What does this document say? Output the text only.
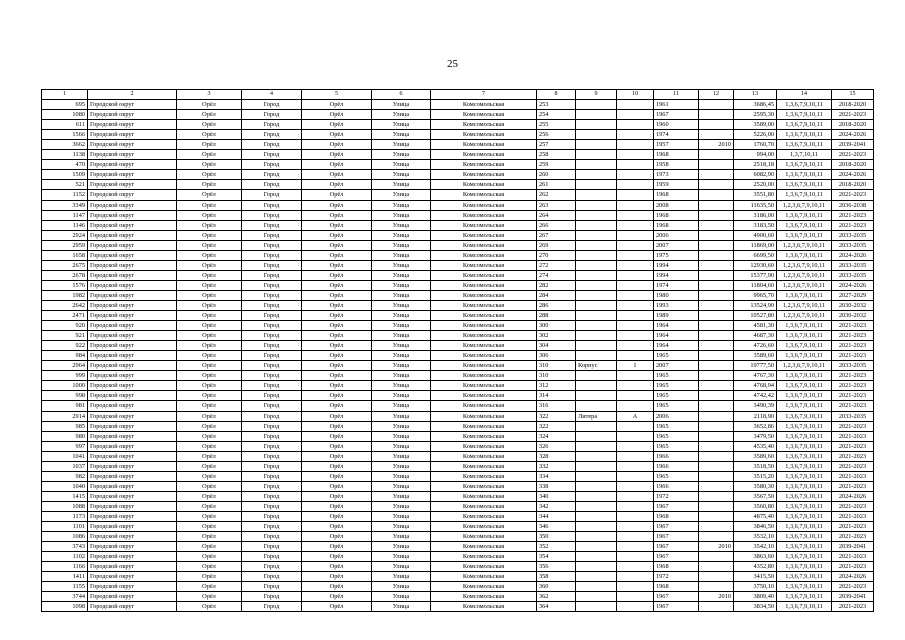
· · · · ·
25
1	2	3	4	5	6	7	8	9	10	11	12	13	14	15
695	Городской округ	Орёл	Город	Орёл	Улица	Комсомольская	253			1961		3686,45	1,3,6,7,9,10,11	2018-2020
1080	Городской округ	Орёл	Город	Орёл	Улица	Комсомольская	254			1967		2595,30	1,3,6,7,9,10,11	2021-2023
611	Городской округ	Орёл	Город	Орёл	Улица	Комсомольская	255			1960		3589,00	1,3,6,7,9,10,11	2018-2020
1566	Городской округ	Орёл	Город	Орёл	Улица	Комсомольская	256			1974		5226,00	1,3,6,7,9,10,11	2024-2026
3662	Городской округ	Орёл	Город	Орёл	Улица	Комсомольская	257			1957	2010	1760,70	1,3,6,7,9,10,11	2039-2041
1138	Городской округ	Орёл	Город	Орёл	Улица	Комсомольская	258			1968		994,00	1,3,7,10,11	2021-2023
470	Городской округ	Орёл	Город	Орёл	Улица	Комсомольская	259			1958		2518,18	1,3,6,7,9,10,11	2018-2020
1509	Городской округ	Орёл	Город	Орёл	Улица	Комсомольская	260			1973		6082,90	1,3,6,7,9,10,11	2024-2026
521	Городской округ	Орёл	Город	Орёл	Улица	Комсомольская	261			1959		2520,00	1,3,6,7,9,10,11	2018-2020
1152	Городской округ	Орёл	Город	Орёл	Улица	Комсомольская	262			1968		3551,80	1,3,6,7,9,10,11	2021-2023
3349	Городской округ	Орёл	Город	Орёл	Улица	Комсомольская	263			2008		11635,50	1,2,3,6,7,9,10,11	2036-2038
1147	Городской округ	Орёл	Город	Орёл	Улица	Комсомольская	264			1968		3186,00	1,3,6,7,9,10,11	2021-2023
1146	Городской округ	Орёл	Город	Орёл	Улица	Комсомольская	266			1968		3183,50	1,3,6,7,9,10,11	2021-2023
2924	Городской округ	Орёл	Город	Орёл	Улица	Комсомольская	267			2006		4900,60	1,3,6,7,9,10,11	2033-2035
2959	Городской округ	Орёл	Город	Орёл	Улица	Комсомольская	269			2007		11869,00	1,2,3,6,7,9,10,11	2033-2035
1658	Городской округ	Орёл	Город	Орёл	Улица	Комсомольская	270			1975		6699,50	1,3,6,7,9,10,11	2024-2026
2675	Городской округ	Орёл	Город	Орёл	Улица	Комсомольская	272			1994		12930,60	1,2,3,6,7,9,10,11	2033-2035
2678	Городской округ	Орёл	Город	Орёл	Улица	Комсомольская	274			1994		15377,90	1,2,3,6,7,9,10,11	2033-2035
1576	Городской округ	Орёл	Город	Орёл	Улица	Комсомольская	282			1974		11804,60	1,2,3,6,7,9,10,11	2024-2026
1982	Городской округ	Орёл	Город	Орёл	Улица	Комсомольская	284			1980		9965,70	1,3,6,7,9,10,11	2027-2029
2642	Городской округ	Орёл	Город	Орёл	Улица	Комсомольская	286			1993		13524,90	1,2,3,6,7,9,10,11	2030-2032
2471	Городской округ	Орёл	Город	Орёл	Улица	Комсомольская	288			1989		10527,80	1,2,3,6,7,9,10,11	2030-2032
920	Городской округ	Орёл	Город	Орёл	Улица	Комсомольская	300			1964		4581,30	1,3,6,7,9,10,11	2021-2023
921	Городской округ	Орёл	Город	Орёл	Улица	Комсомольская	302			1964		4687,30	1,3,6,7,9,10,11	2021-2023
922	Городской округ	Орёл	Город	Орёл	Улица	Комсомольская	304			1964		4726,60	1,3,6,7,9,10,11	2021-2023
984	Городской округ	Орёл	Город	Орёл	Улица	Комсомольская	306			1965		3589,60	1,3,6,7,9,10,11	2021-2023
2964	Городской округ	Орёл	Город	Орёл	Улица	Комсомольская	310	Корпус	1	2007		19777,50	1,2,3,6,7,9,10,11	2033-2035
999	Городской округ	Орёл	Город	Орёл	Улица	Комсомольская	310			1965		4767,30	1,3,6,7,9,10,11	2021-2023
1000	Городской округ	Орёл	Город	Орёл	Улица	Комсомольская	312			1965		4768,94	1,3,6,7,9,10,11	2021-2023
998	Городской округ	Орёл	Город	Орёл	Улица	Комсомольская	314			1965		4742,42	1,3,6,7,9,10,11	2021-2023
981	Городской округ	Орёл	Город	Орёл	Улица	Комсомольская	316			1965		3490,39	1,3,6,7,9,10,11	2021-2023
2914	Городской округ	Орёл	Город	Орёл	Улица	Комсомольская	322	Литера	А	2006		2118,90	1,3,6,7,9,10,11	2033-2035
985	Городской округ	Орёл	Город	Орёл	Улица	Комсомольская	322			1965		3652,86	1,3,6,7,9,10,11	2021-2023
980	Городской округ	Орёл	Город	Орёл	Улица	Комсомольская	324			1965		3479,50	1,3,6,7,9,10,11	2021-2023
997	Городской округ	Орёл	Город	Орёл	Улица	Комсомольская	326			1965		4535,40	1,3,6,7,9,10,11	2021-2023
1041	Городской округ	Орёл	Город	Орёл	Улица	Комсомольская	328			1966		3589,60	1,3,6,7,9,10,11	2021-2023
1037	Городской округ	Орёл	Город	Орёл	Улица	Комсомольская	332			1966		3518,50	1,3,6,7,9,10,11	2021-2023
982	Городской округ	Орёл	Город	Орёл	Улица	Комсомольская	334			1965		3515,20	1,3,6,7,9,10,11	2021-2023
1040	Городской округ	Орёл	Город	Орёл	Улица	Комсомольская	338			1966		3580,30	1,3,6,7,9,10,11	2021-2023
1415	Городской округ	Орёл	Город	Орёл	Улица	Комсомольская	340			1972		3567,50	1,3,6,7,9,10,11	2024-2026
1088	Городской округ	Орёл	Город	Орёл	Улица	Комсомольская	342			1967		3560,80	1,3,6,7,9,10,11	2021-2023
1173	Городской округ	Орёл	Город	Орёл	Улица	Комсомольская	344			1968		4875,40	1,3,6,7,9,10,11	2021-2023
1101	Городской округ	Орёл	Город	Орёл	Улица	Комсомольская	346			1967		3846,50	1,3,6,7,9,10,11	2021-2023
1086	Городской округ	Орёл	Город	Орёл	Улица	Комсомольская	350			1967		3532,10	1,3,6,7,9,10,11	2021-2023
3743	Городской округ	Орёл	Город	Орёл	Улица	Комсомольская	352			1967	2010	3542,10	1,3,6,7,9,10,11	2039-2041
1102	Городской округ	Орёл	Город	Орёл	Улица	Комсомольская	354			1967		3863,60	1,3,6,7,9,10,11	2021-2023
1166	Городской округ	Орёл	Город	Орёл	Улица	Комсомольская	356			1968		4352,80	1,3,6,7,9,10,11	2021-2023
1411	Городской округ	Орёл	Город	Орёл	Улица	Комсомольская	358			1972		3415,50	1,3,6,7,9,10,11	2024-2026
1155	Городской округ	Орёл	Город	Орёл	Улица	Комсомольская	360			1968		3750,10	1,3,6,7,9,10,11	2021-2023
3744	Городской округ	Орёл	Город	Орёл	Улица	Комсомольская	362			1967	2010	3809,40	1,3,6,7,9,10,11	2039-2041
1098	Городской округ	Орёл	Город	Орёл	Улица	Комсомольская	364			1967		3834,50	1,3,6,7,9,10,11	2021-2023
